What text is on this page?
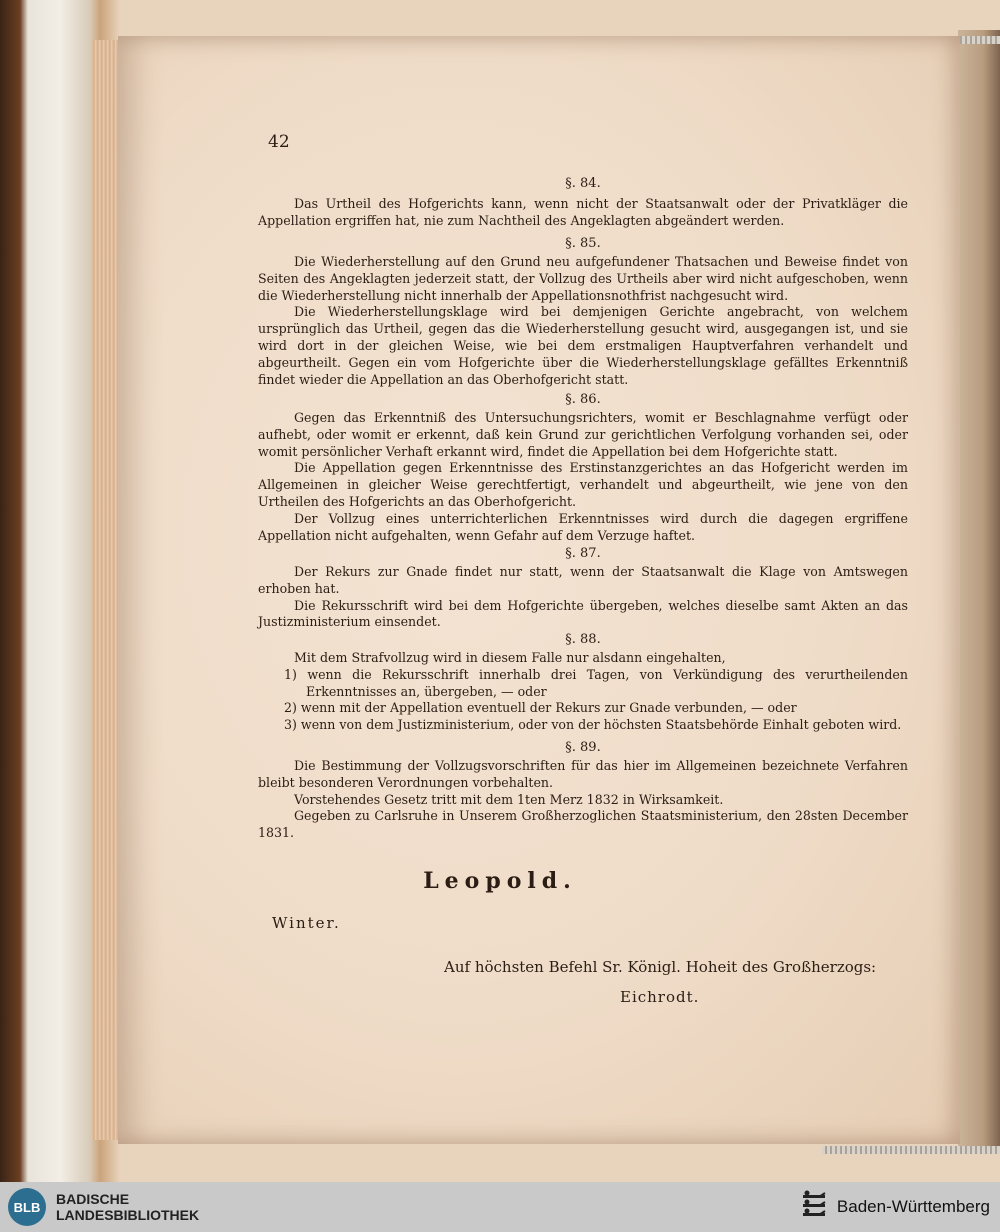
42
§. 84.

Das Urtheil des Hofgerichts kann, wenn nicht der Staatsanwalt oder der Privatkläger die Appellation ergriffen hat, nie zum Nachtheil des Angeklagten abgeändert werden.

§. 85.

Die Wiederherstellung auf den Grund neu aufgefundener Thatsachen und Beweise findet von Seiten des Angeklagten jederzeit statt, der Vollzug des Urtheils aber wird nicht aufgeschoben, wenn die Wiederherstellung nicht innerhalb der Appellationsnothfrist nachgesucht wird.

Die Wiederherstellungsklage wird bei demjenigen Gerichte angebracht, von welchem ursprünglich das Urtheil, gegen das die Wiederherstellung gesucht wird, ausgegangen ist, und sie wird dort in der gleichen Weise, wie bei dem erstmaligen Hauptverfahren verhandelt und abgeurtheilt. Gegen ein vom Hofgerichte über die Wiederherstellungsklage gefälltes Erkenntniß findet wieder die Appellation an das Oberhofgericht statt.

§. 86.

Gegen das Erkenntniß des Untersuchungsrichters, womit er Beschlagnahme verfügt oder aufhebt, oder womit er erkennt, daß kein Grund zur gerichtlichen Verfolgung vorhanden sei, oder womit persönlicher Verhaft erkannt wird, findet die Appellation bei dem Hofgerichte statt.

Die Appellation gegen Erkenntnisse des Erstinstanzgerichtes an das Hofgericht werden im Allgemeinen in gleicher Weise gerechtfertigt, verhandelt und abgeurtheilt, wie jene von den Urtheilen des Hofgerichts an das Oberhofgericht.

Der Vollzug eines unterrichterlichen Erkenntnisses wird durch die dagegen ergriffene Appellation nicht aufgehalten, wenn Gefahr auf dem Verzuge haftet.

§. 87.

Der Rekurs zur Gnade findet nur statt, wenn der Staatsanwalt die Klage von Amtswegen erhoben hat.

Die Rekursschrift wird bei dem Hofgerichte übergeben, welches dieselbe samt Akten an das Justizministerium einsendet.

§. 88.

Mit dem Strafvollzug wird in diesem Falle nur alsdann eingehalten,

1) wenn die Rekursschrift innerhalb drei Tagen, von Verkündigung des verurtheilenden Erkenntnisses an, übergeben, — oder

2) wenn mit der Appellation eventuell der Rekurs zur Gnade verbunden, — oder

3) wenn von dem Justizministerium, oder von der höchsten Staatsbehörde Einhalt geboten wird.

§. 89.

Die Bestimmung der Vollzugsvorschriften für das hier im Allgemeinen bezeichnete Verfahren bleibt besonderen Verordnungen vorbehalten.

Vorstehendes Gesetz tritt mit dem 1ten Merz 1832 in Wirksamkeit.

Gegeben zu Carlsruhe in Unserem Großherzoglichen Staatsministerium, den 28sten December 1831.

Leopold.
Winter.
Auf höchsten Befehl Sr. Königl. Hoheit des Großherzogs:
Eichrodt.
BLB	BADISCHE
LANDESBIBLIOTHEK	Baden-Württemberg
